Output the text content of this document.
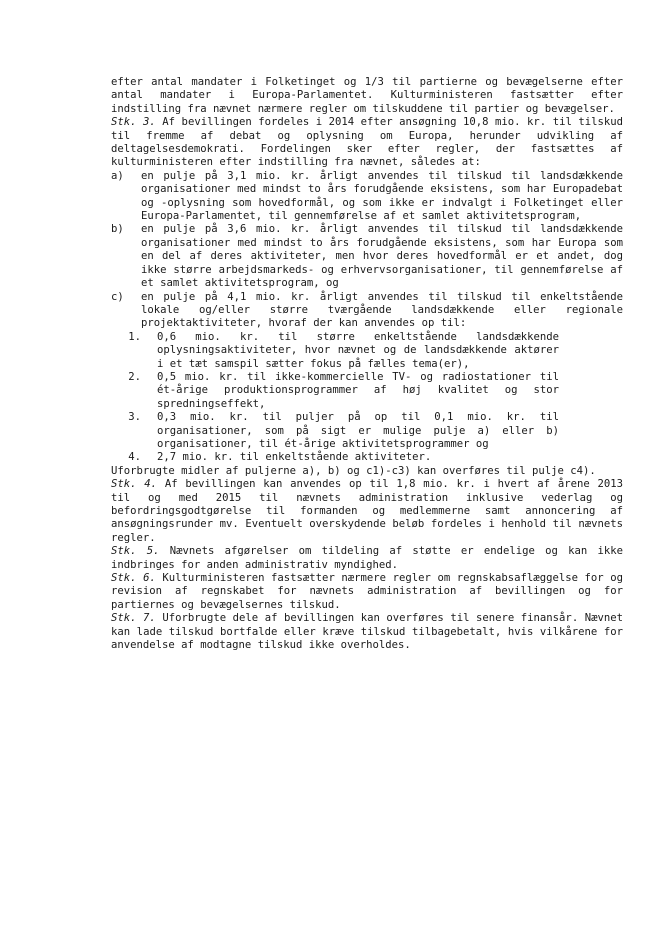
efter antal mandater i Folketinget og 1/3 til partierne og bevægelserne efter antal mandater i Europa-Parlamentet. Kulturministeren fastsætter efter indstilling fra nævnet nærmere regler om tilskuddene til partier og bevægelser.

Stk. 3. Af bevillingen fordeles i 2014 efter ansøgning 10,8 mio. kr. til tilskud til fremme af debat og oplysning om Europa, herunder udvikling af deltagelsesdemokrati. Fordelingen sker efter regler, der fastsættes af kulturministeren efter indstilling fra nævnet, således at:

a)	en pulje på 3,1 mio. kr. årligt anvendes til tilskud til landsdækkende organisationer med mindst to års forudgående eksistens, som har Europadebat og -oplysning som hovedformål, og som ikke er indvalgt i Folketinget eller Europa-Parlamentet, til gennemførelse af et samlet aktivitetsprogram,
b)	en pulje på 3,6 mio. kr. årligt anvendes til tilskud til landsdækkende organisationer med mindst to års forudgående eksistens, som har Europa som en del af deres aktiviteter, men hvor deres hovedformål er et andet, dog ikke større arbejdsmarkeds- og erhvervsorganisationer, til gennemførelse af et samlet aktivitetsprogram, og
c)	en pulje på 4,1 mio. kr. årligt anvendes til tilskud til enkeltstående lokale og/eller større tværgående landsdækkende eller regionale projektaktiviteter, hvoraf der kan anvendes op til:
1. 0,6 mio. kr. til større enkeltstående landsdækkende oplysningsaktiviteter, hvor nævnet og de landsdækkende aktører i et tæt samspil sætter fokus på fælles tema(er),
2. 0,5 mio. kr. til ikke-kommercielle TV- og radiostationer til ét-årige produktionsprogrammer af høj kvalitet og stor spredningseffekt,
3. 0,3 mio. kr. til puljer på op til 0,1 mio. kr. til organisationer, som på sigt er mulige pulje a) eller b) organisationer, til ét-årige aktivitetsprogrammer og
4. 2,7 mio. kr. til enkeltstående aktiviteter.

Uforbrugte midler af puljerne a), b) og c1)-c3) kan overføres til pulje c4).

Stk. 4. Af bevillingen kan anvendes op til 1,8 mio. kr. i hvert af årene 2013 til og med 2015 til nævnets administration inklusive vederlag og befordringsgodtgørelse til formanden og medlemmerne samt annoncering af ansøgningsrunder mv. Eventuelt overskydende beløb fordeles i henhold til nævnets regler.

Stk. 5. Nævnets afgørelser om tildeling af støtte er endelige og kan ikke indbringes for anden administrativ myndighed.

Stk. 6. Kulturministeren fastsætter nærmere regler om regnskabsaflæggelse for og revision af regnskabet for nævnets administration af bevillingen og for partiernes og bevægelsernes tilskud.

Stk. 7. Uforbrugte dele af bevillingen kan overføres til senere finansår. Nævnet kan lade tilskud bortfalde eller kræve tilskud tilbagebetalt, hvis vilkårene for anvendelse af modtagne tilskud ikke overholdes.
